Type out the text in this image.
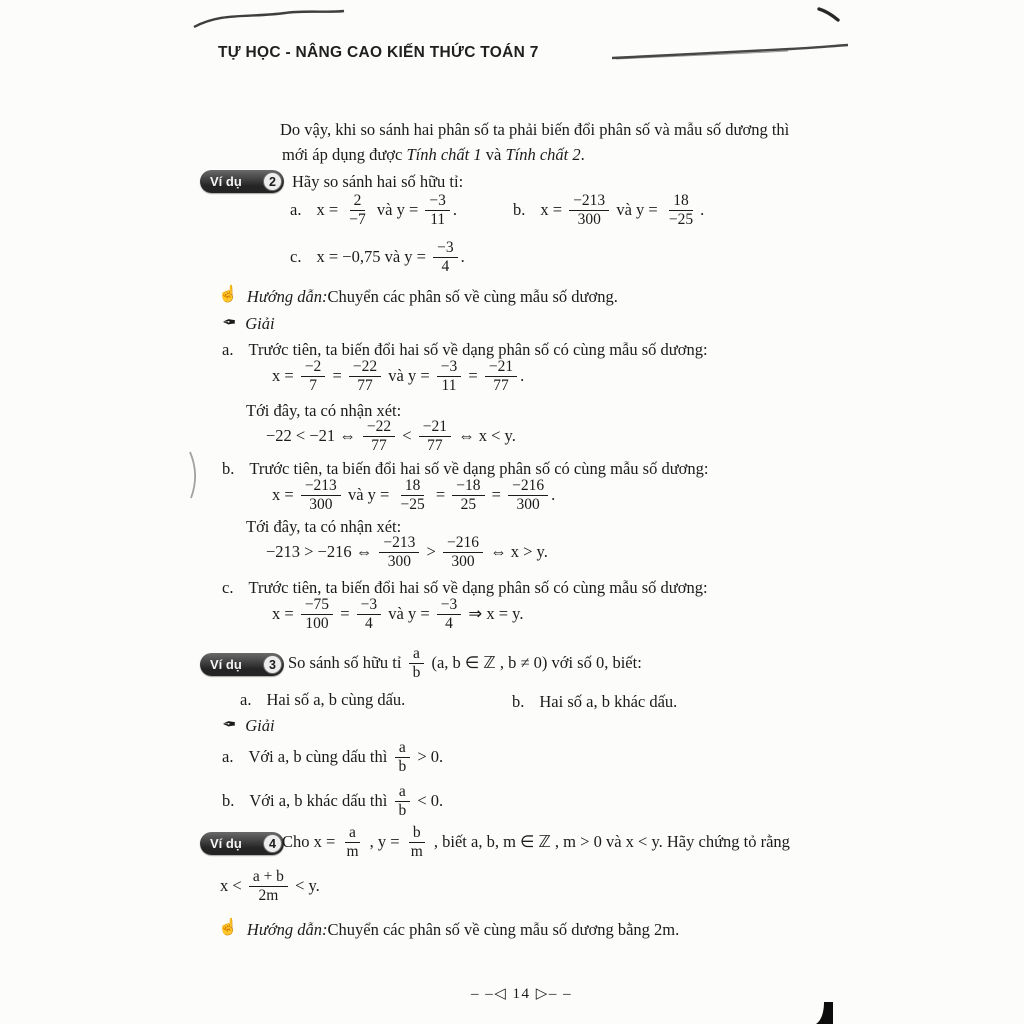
TỰ HỌC - NÂNG CAO KIẾN THỨC TOÁN 7
Do vậy, khi so sánh hai phân số ta phải biến đổi phân số và mẫu số dương thì
mới áp dụng được Tính chất 1 và Tính chất 2.
Ví dụ	2 Hãy so sánh hai số hữu tỉ:
a. $x = \frac{2}{-7}$ và $y = \frac{-3}{11}$ .	b. $x = \frac{-213}{300}$ và $y = \frac{18}{-25}$ .
c. x = −0,75 và $y = \frac{-3}{4}$ .
☝ Hướng dẫn: Chuyển các phân số về cùng mẫu số dương.
✒ Giải
a. Trước tiên, ta biến đổi hai số về dạng phân số có cùng mẫu số dương:
$x = \frac{-2}{7} = \frac{-22}{77}$ và $y = \frac{-3}{11} = \frac{-21}{77}$ .
Tới đây, ta có nhận xét:
−22 < −21 ⇔ $\frac{-22}{77} < \frac{-21}{77}$ ⇔ x < y.
b. Trước tiên, ta biến đổi hai số về dạng phân số có cùng mẫu số dương:
$x = \frac{-213}{300}$ và $y = \frac{18}{-25} = \frac{-18}{25} = \frac{-216}{300}$ .
Tới đây, ta có nhận xét:
−213 > −216 ⇔ $\frac{-213}{300} > \frac{-216}{300}$ ⇔ x > y.
c. Trước tiên, ta biến đổi hai số về dạng phân số có cùng mẫu số dương:
$x = \frac{-75}{100} = \frac{-3}{4}$ và $y = \frac{-3}{4}$ ⇒ x = y.
Ví dụ	3 So sánh số hữu tỉ $\frac{a}{b} (a$, b ∈ ℤ , b ≠ 0) với số 0, biết:
a. Hai số a, b cùng dấu.	b. Hai số a, b khác dấu.
✒ Giải
a. Với a, b cùng dấu thì $\frac{a}{b} > 0$.
b. Với a, b khác dấu thì $\frac{a}{b} < 0$.
Ví dụ	4 Cho $x = \frac{a}{m}$ , $y = \frac{b}{m}$ , biết a, b, m ∈ ℤ , m > 0 và x < y. Hãy chứng tỏ rằng
$x < \frac{a + b}{2m} < y$.
☝ Hướng dẫn: Chuyển các phân số về cùng mẫu số dương bằng 2m.
– –◁ 14 ▷– –
